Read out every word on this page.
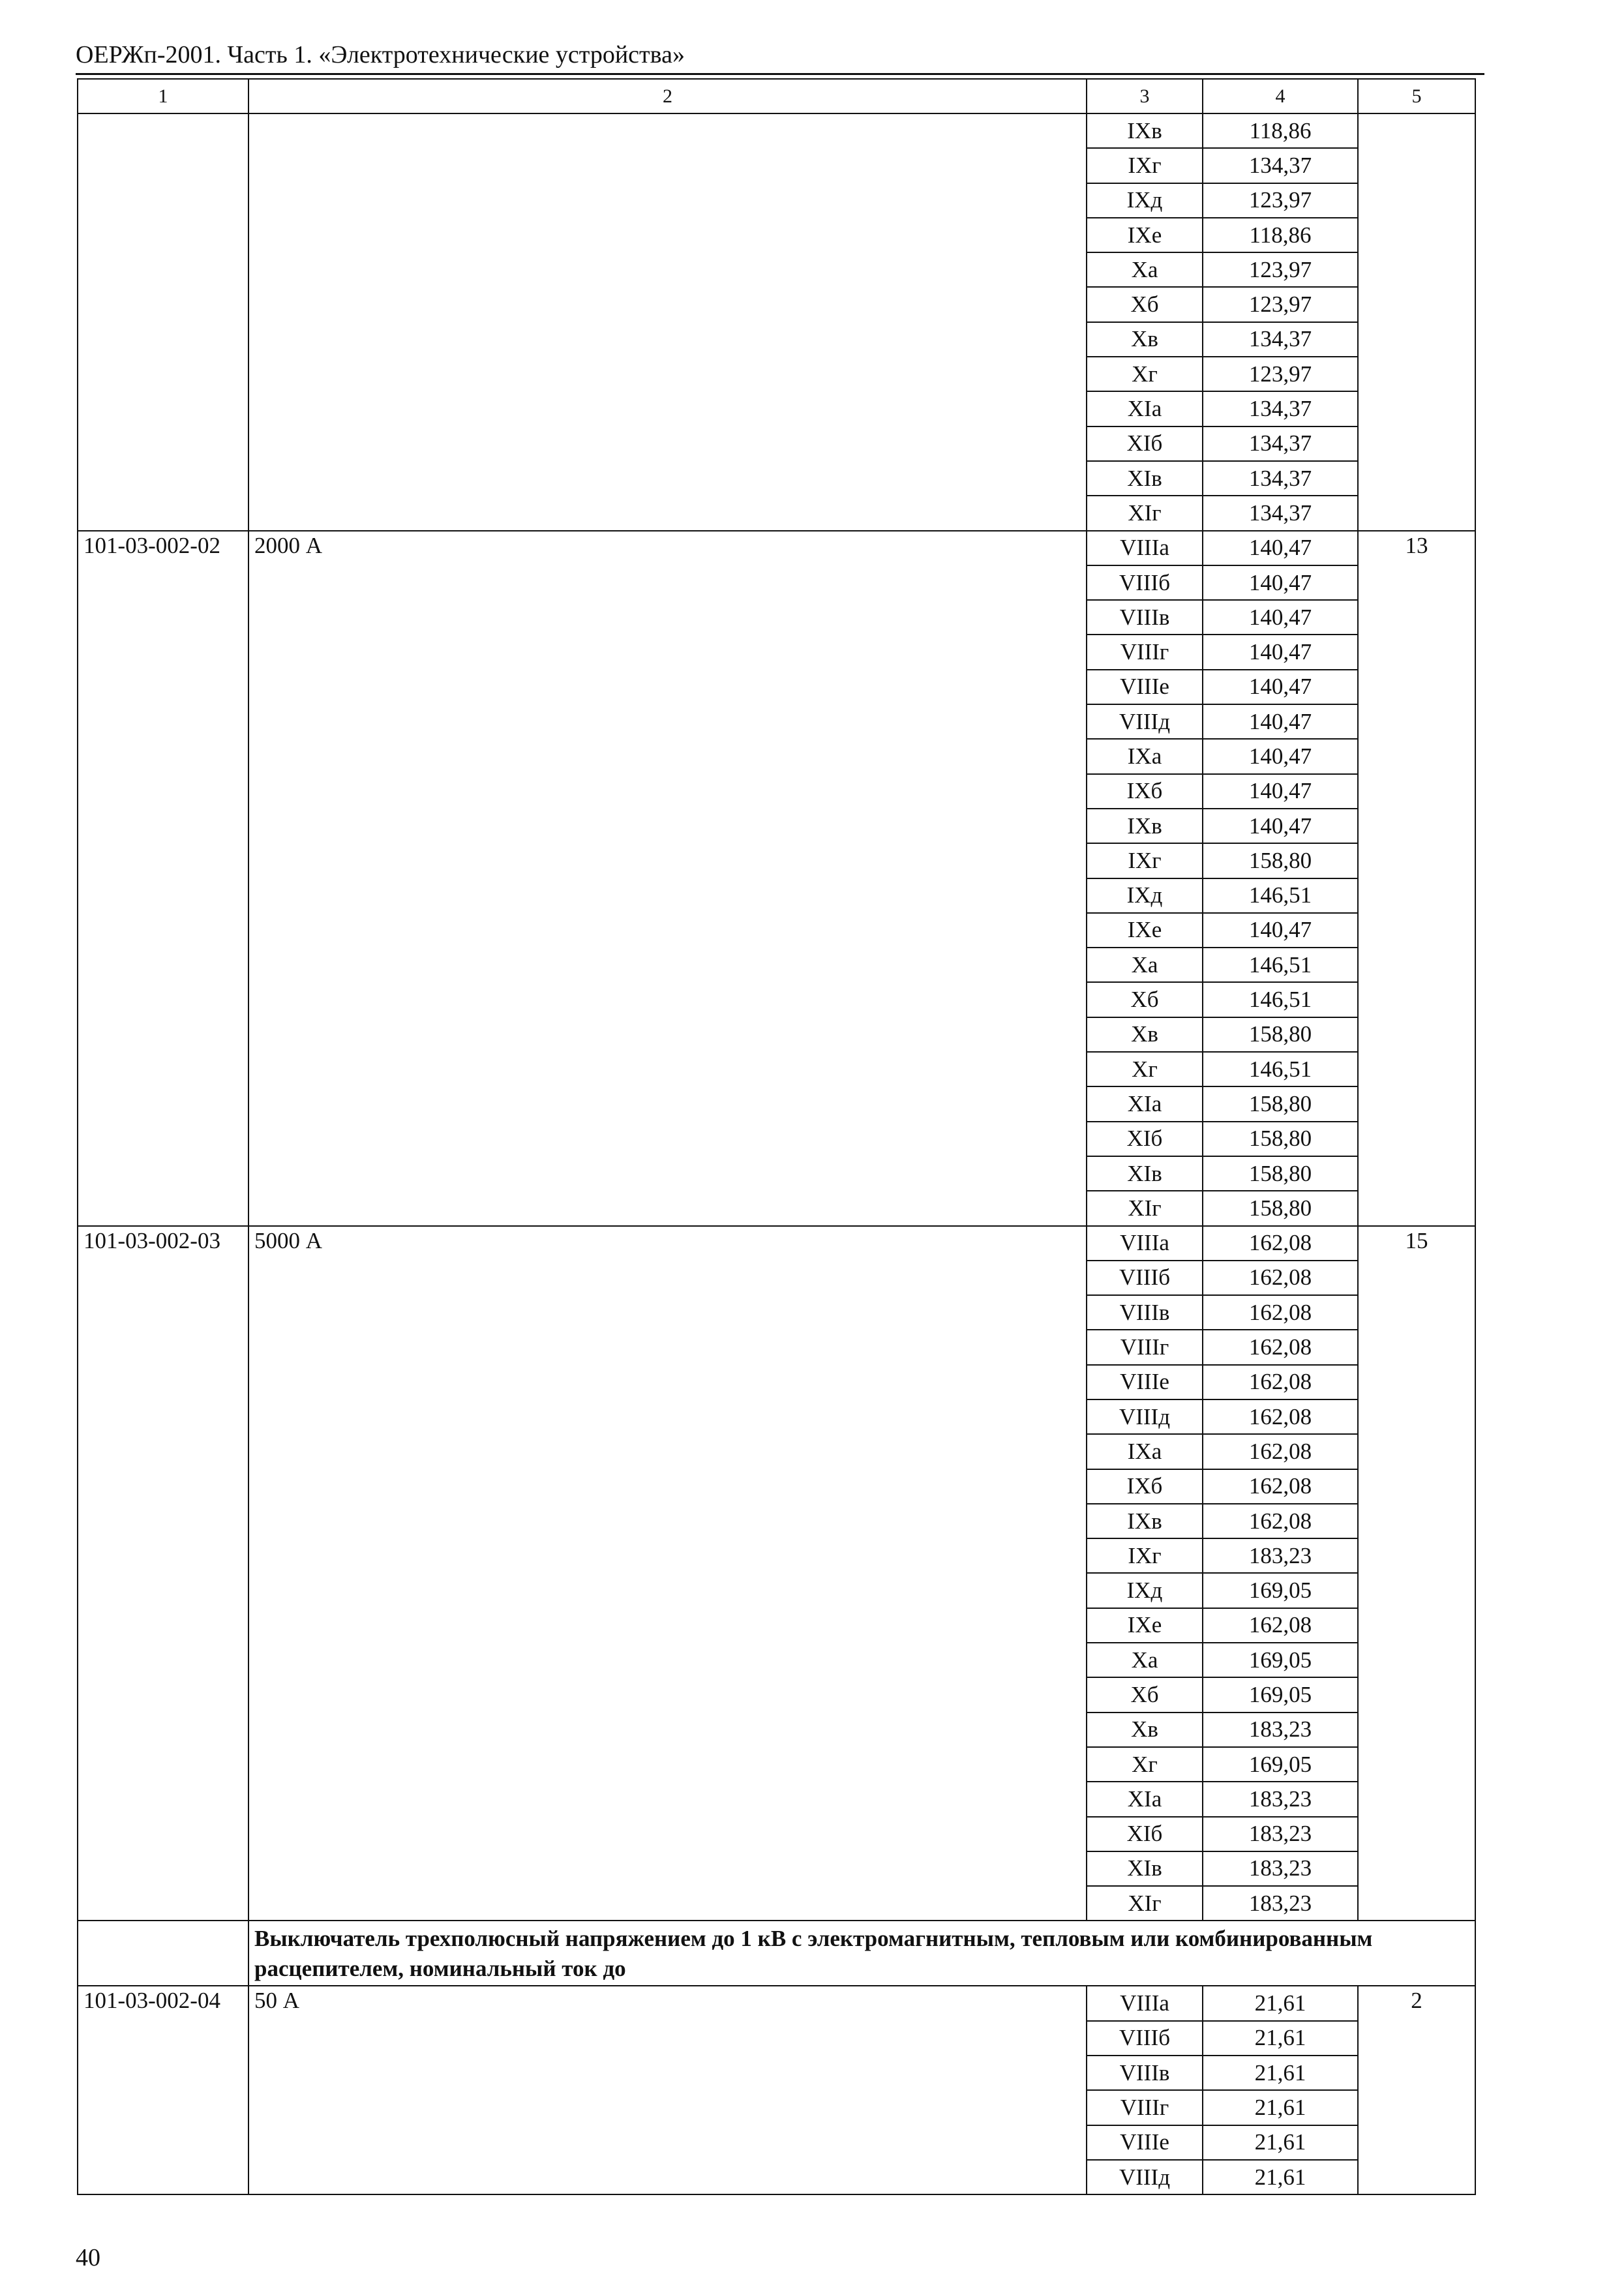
ОЕРЖп-2001. Часть 1. «Электротехнические устройства»
1	2	3	4	5
		IXв	118,86	
		IXг	134,37	
		IXд	123,97	
		IXе	118,86	
		Xа	123,97	
		Xб	123,97	
		Xв	134,37	
		Xг	123,97	
		XIа	134,37	
		XIб	134,37	
		XIв	134,37	
		XIг	134,37	
101-03-002-02	2000 А	VIIIа	140,47	13
		VIIIб	140,47	
		VIIIв	140,47	
		VIIIг	140,47	
		VIIIе	140,47	
		VIIIд	140,47	
		IXа	140,47	
		IXб	140,47	
		IXв	140,47	
		IXг	158,80	
		IXд	146,51	
		IXе	140,47	
		Xа	146,51	
		Xб	146,51	
		Xв	158,80	
		Xг	146,51	
		XIа	158,80	
		XIб	158,80	
		XIв	158,80	
		XIг	158,80	
101-03-002-03	5000 А	VIIIа	162,08	15
		VIIIб	162,08	
		VIIIв	162,08	
		VIIIг	162,08	
		VIIIе	162,08	
		VIIIд	162,08	
		IXа	162,08	
		IXб	162,08	
		IXв	162,08	
		IXг	183,23	
		IXд	169,05	
		IXе	162,08	
		Xа	169,05	
		Xб	169,05	
		Xв	183,23	
		Xг	169,05	
		XIа	183,23	
		XIб	183,23	
		XIв	183,23	
		XIг	183,23	
	Выключатель трехполюсный напряжением до 1 кВ с электромагнитным, тепловым или комбинированным расцепителем, номинальный ток до			
101-03-002-04	50 А	VIIIа	21,61	2
		VIIIб	21,61	
		VIIIв	21,61	
		VIIIг	21,61	
		VIIIе	21,61	
		VIIIд	21,61	
40
